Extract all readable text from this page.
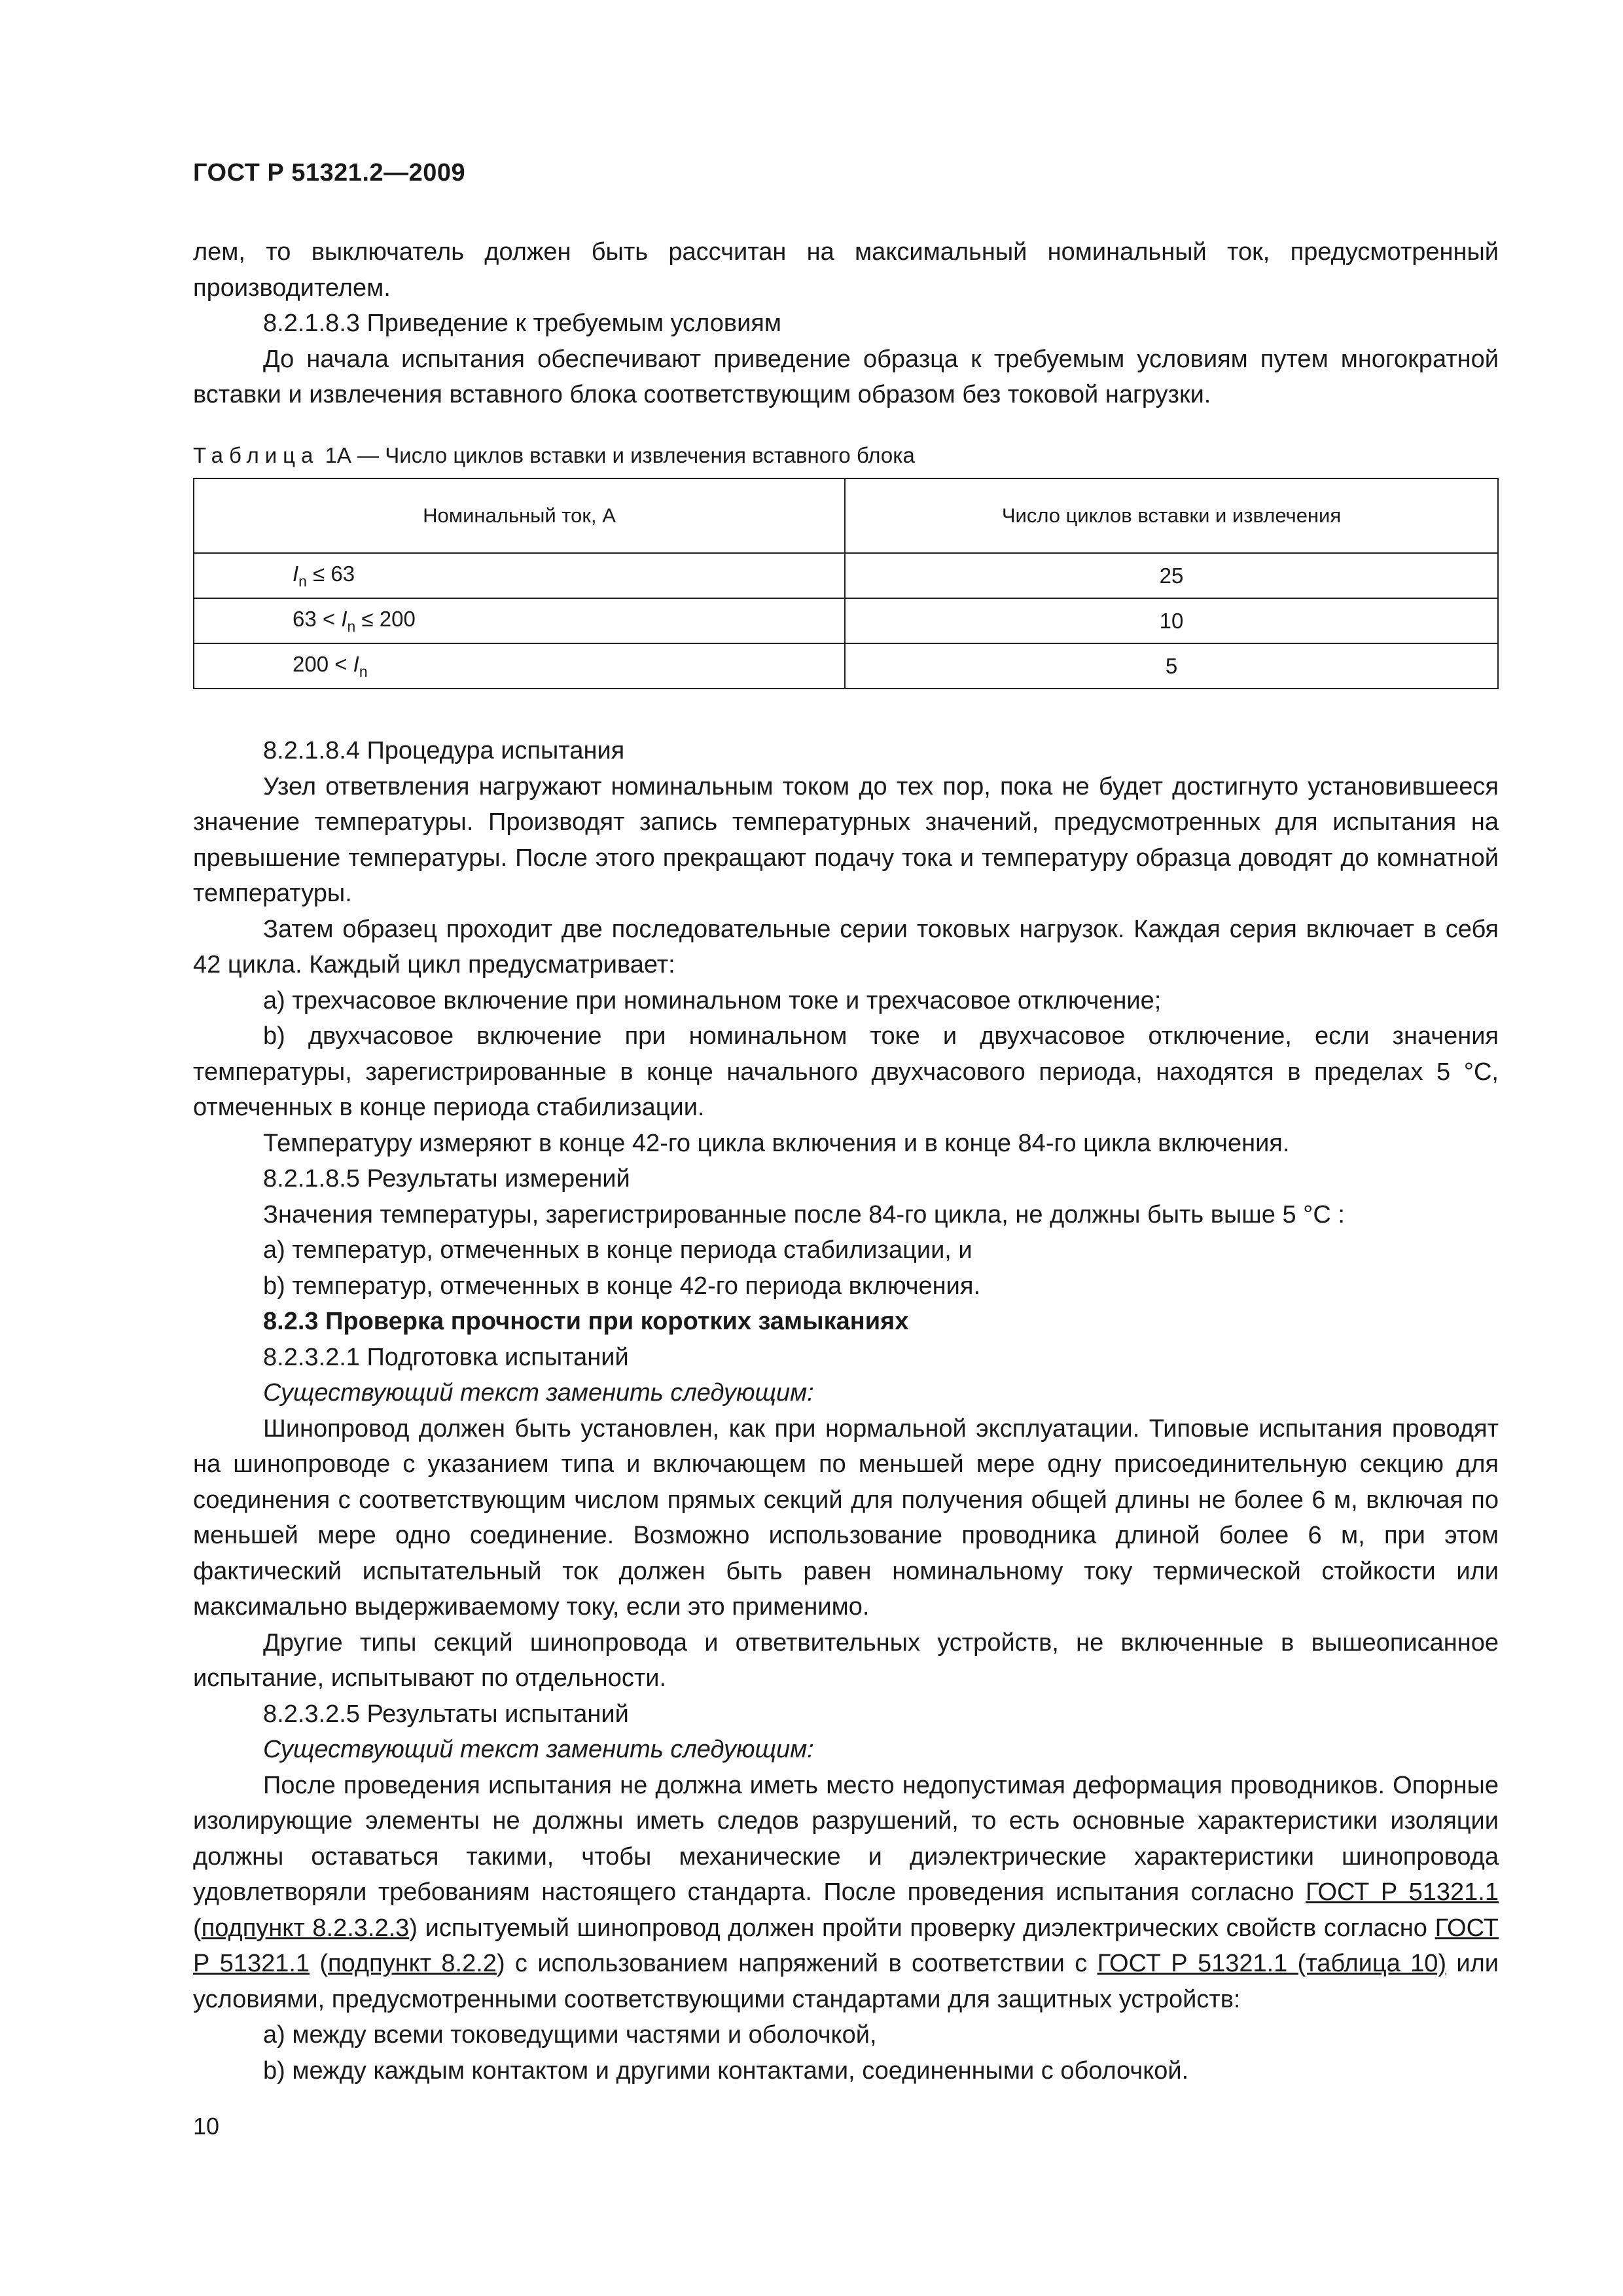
ГОСТ Р 51321.2—2009

лем, то выключатель должен быть рассчитан на максимальный номинальный ток, предусмотренный производителем.

8.2.1.8.3 Приведение к требуемым условиям

До начала испытания обеспечивают приведение образца к требуемым условиям путем многократной вставки и извлечения вставного блока соответствующим образом без токовой нагрузки.

Таблица 1А — Число циклов вставки и извлечения вставного блока
Номинальный ток, А	Число циклов вставки и извлечения
$I_n \le 63$	25
$63 < I_n \le 200$	10
$200 < I_n$	5

8.2.1.8.4 Процедура испытания

Узел ответвления нагружают номинальным током до тех пор, пока не будет достигнуто установившееся значение температуры. Производят запись температурных значений, предусмотренных для испытания на превышение температуры. После этого прекращают подачу тока и температуру образца доводят до комнатной температуры.

Затем образец проходит две последовательные серии токовых нагрузок. Каждая серия включает в себя 42 цикла. Каждый цикл предусматривает:

а) трехчасовое включение при номинальном токе и трехчасовое отключение;

b) двухчасовое включение при номинальном токе и двухчасовое отключение, если значения температуры, зарегистрированные в конце начального двухчасового периода, находятся в пределах 5 °С, отмеченных в конце периода стабилизации.

Температуру измеряют в конце 42-го цикла включения и в конце 84-го цикла включения.

8.2.1.8.5 Результаты измерений

Значения температуры, зарегистрированные после 84-го цикла, не должны быть выше 5 °С :

а) температур, отмеченных в конце периода стабилизации, и

b) температур, отмеченных в конце 42-го периода включения.

8.2.3 Проверка прочности при коротких замыканиях

8.2.3.2.1 Подготовка испытаний

Существующий текст заменить следующим:

Шинопровод должен быть установлен, как при нормальной эксплуатации. Типовые испытания проводят на шинопроводе с указанием типа и включающем по меньшей мере одну присоединительную секцию для соединения с соответствующим числом прямых секций для получения общей длины не более 6 м, включая по меньшей мере одно соединение. Возможно использование проводника длиной более 6 м, при этом фактический испытательный ток должен быть равен номинальному току термической стойкости или максимально выдерживаемому току, если это применимо.

Другие типы секций шинопровода и ответвительных устройств, не включенные в вышеописанное испытание, испытывают по отдельности.

8.2.3.2.5 Результаты испытаний

Существующий текст заменить следующим:

После проведения испытания не должна иметь место недопустимая деформация проводников. Опорные изолирующие элементы не должны иметь следов разрушений, то есть основные характеристики изоляции должны оставаться такими, чтобы механические и диэлектрические характеристики шинопровода удовлетворяли требованиям настоящего стандарта. После проведения испытания согласно ГОСТ Р 51321.1 (подпункт 8.2.3.2.3) испытуемый шинопровод должен пройти проверку диэлектрических свойств согласно ГОСТ Р 51321.1 (подпункт 8.2.2) с использованием напряжений в соответствии с ГОСТ Р 51321.1 (таблица 10) или условиями, предусмотренными соответствующими стандартами для защитных устройств:

а) между всеми токоведущими частями и оболочкой,

b) между каждым контактом и другими контактами, соединенными с оболочкой.

10
